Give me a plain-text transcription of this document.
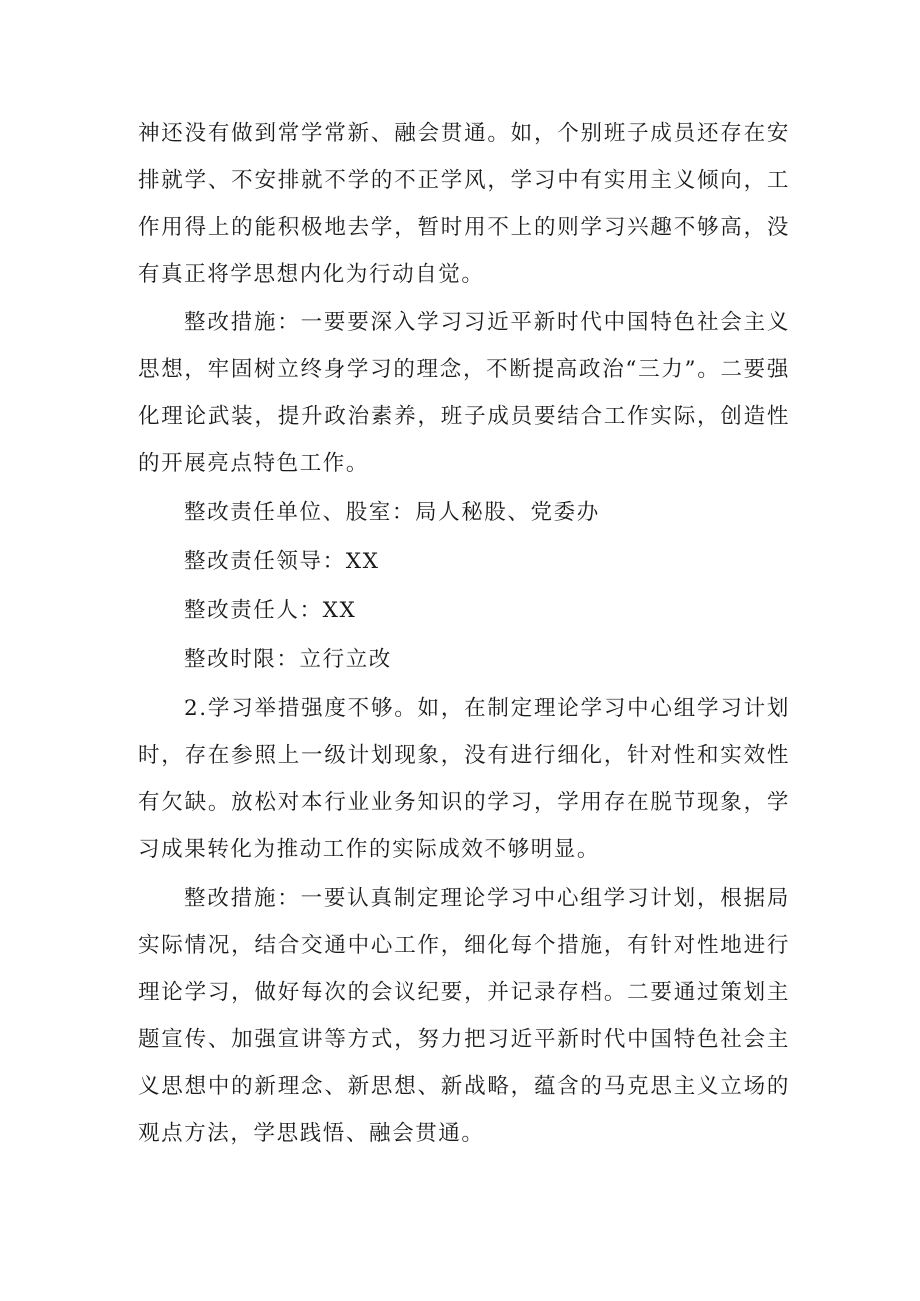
神还没有做到常学常新、融会贯通。如，个别班子成员还存在安排就学、不安排就不学的不正学风，学习中有实用主义倾向，工作用得上的能积极地去学，暂时用不上的则学习兴趣不够高，没有真正将学思想内化为行动自觉。

整改措施：一要要深入学习习近平新时代中国特色社会主义思想，牢固树立终身学习的理念，不断提高政治“三力”。二要强化理论武装，提升政治素养，班子成员要结合工作实际，创造性的开展亮点特色工作。

整改责任单位、股室：局人秘股、党委办

整改责任领导：XX

整改责任人：XX

整改时限：立行立改

2.学习举措强度不够。如，在制定理论学习中心组学习计划时，存在参照上一级计划现象，没有进行细化，针对性和实效性有欠缺。放松对本行业业务知识的学习，学用存在脱节现象，学习成果转化为推动工作的实际成效不够明显。

整改措施：一要认真制定理论学习中心组学习计划，根据局实际情况，结合交通中心工作，细化每个措施，有针对性地进行理论学习，做好每次的会议纪要，并记录存档。二要通过策划主题宣传、加强宣讲等方式，努力把习近平新时代中国特色社会主义思想中的新理念、新思想、新战略，蕴含的马克思主义立场的观点方法，学思践悟、融会贯通。
